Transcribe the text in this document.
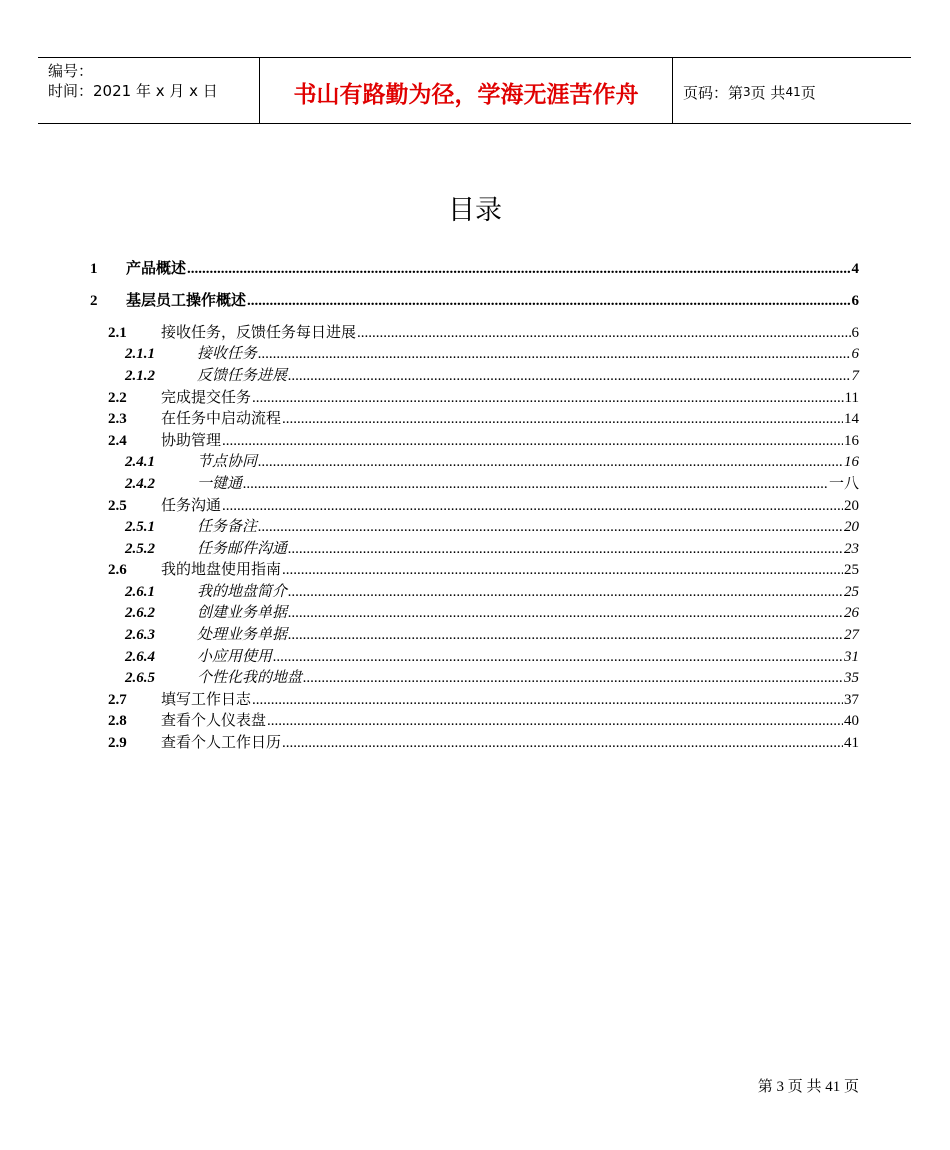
编号：
时间：2021 年 x 月 x 日	书山有路勤为径，学海无涯苦作舟	页码：第 3 页 共 41 页
目录
1	产品概述 .....	4
2	基层员工操作概述 .....	6
2.1	接收任务，反馈任务每日进展 .....	6
2.1.1	接收任务 .....	6
2.1.2	反馈任务进展 .....	7
2.2	完成提交任务 .....	11
2.3	在任务中启动流程 .....	14
2.4	协助管理 .....	16
2.4.1	节点协同 .....	16
2.4.2	一键通 .....	一八
2.5	任务沟通 .....	20
2.5.1	任务备注 .....	20
2.5.2	任务邮件沟通 .....	23
2.6	我的地盘使用指南 .....	25
2.6.1	我的地盘简介 .....	25
2.6.2	创建业务单据 .....	26
2.6.3	处理业务单据 .....	27
2.6.4	小应用使用 .....	31
2.6.5	个性化我的地盘 .....	35
2.7	填写工作日志 .....	37
2.8	查看个人仪表盘 .....	40
2.9	查看个人工作日历 .....	41
第 3 页 共 41 页
